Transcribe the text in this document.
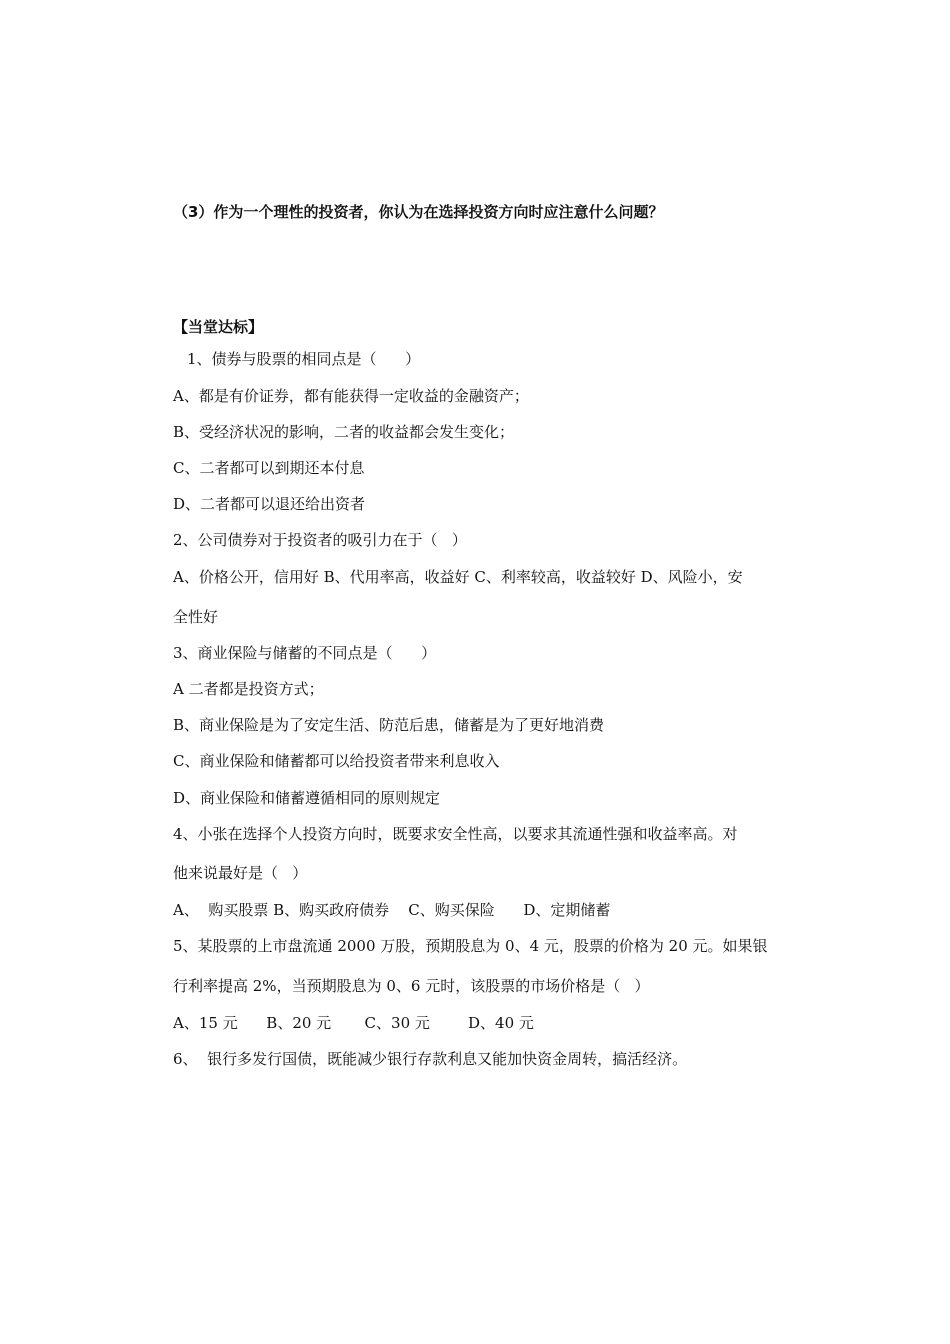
（3）作为一个理性的投资者，你认为在选择投资方向时应注意什么问题？
【当堂达标】
1、债券与股票的相同点是（      ）
A、都是有价证券，都有能获得一定收益的金融资产；
B、受经济状况的影响，二者的收益都会发生变化；
C、二者都可以到期还本付息
D、二者都可以退还给出资者
2、公司债券对于投资者的吸引力在于（   ）
A、价格公开，信用好 B、代用率高，收益好 C、利率较高，收益较好 D、风险小，安
全性好
3、商业保险与储蓄的不同点是（      ）
A 二者都是投资方式；
B、商业保险是为了安定生活、防范后患，储蓄是为了更好地消费
C、商业保险和储蓄都可以给投资者带来利息收入
D、商业保险和储蓄遵循相同的原则规定
4、小张在选择个人投资方向时，既要求安全性高，以要求其流通性强和收益率高。对
他来说最好是（   ）
A、  购买股票 B、购买政府债券    C、购买保险      D、定期储蓄
5、某股票的上市盘流通 2000 万股，预期股息为 0、4 元，股票的价格为 20 元。如果银
行利率提高 2%，当预期股息为 0、6 元时，该股票的市场价格是（   ）
A、15 元      B、20 元       C、30 元        D、40 元
6、  银行多发行国债，既能减少银行存款利息又能加快资金周转，搞活经济。
